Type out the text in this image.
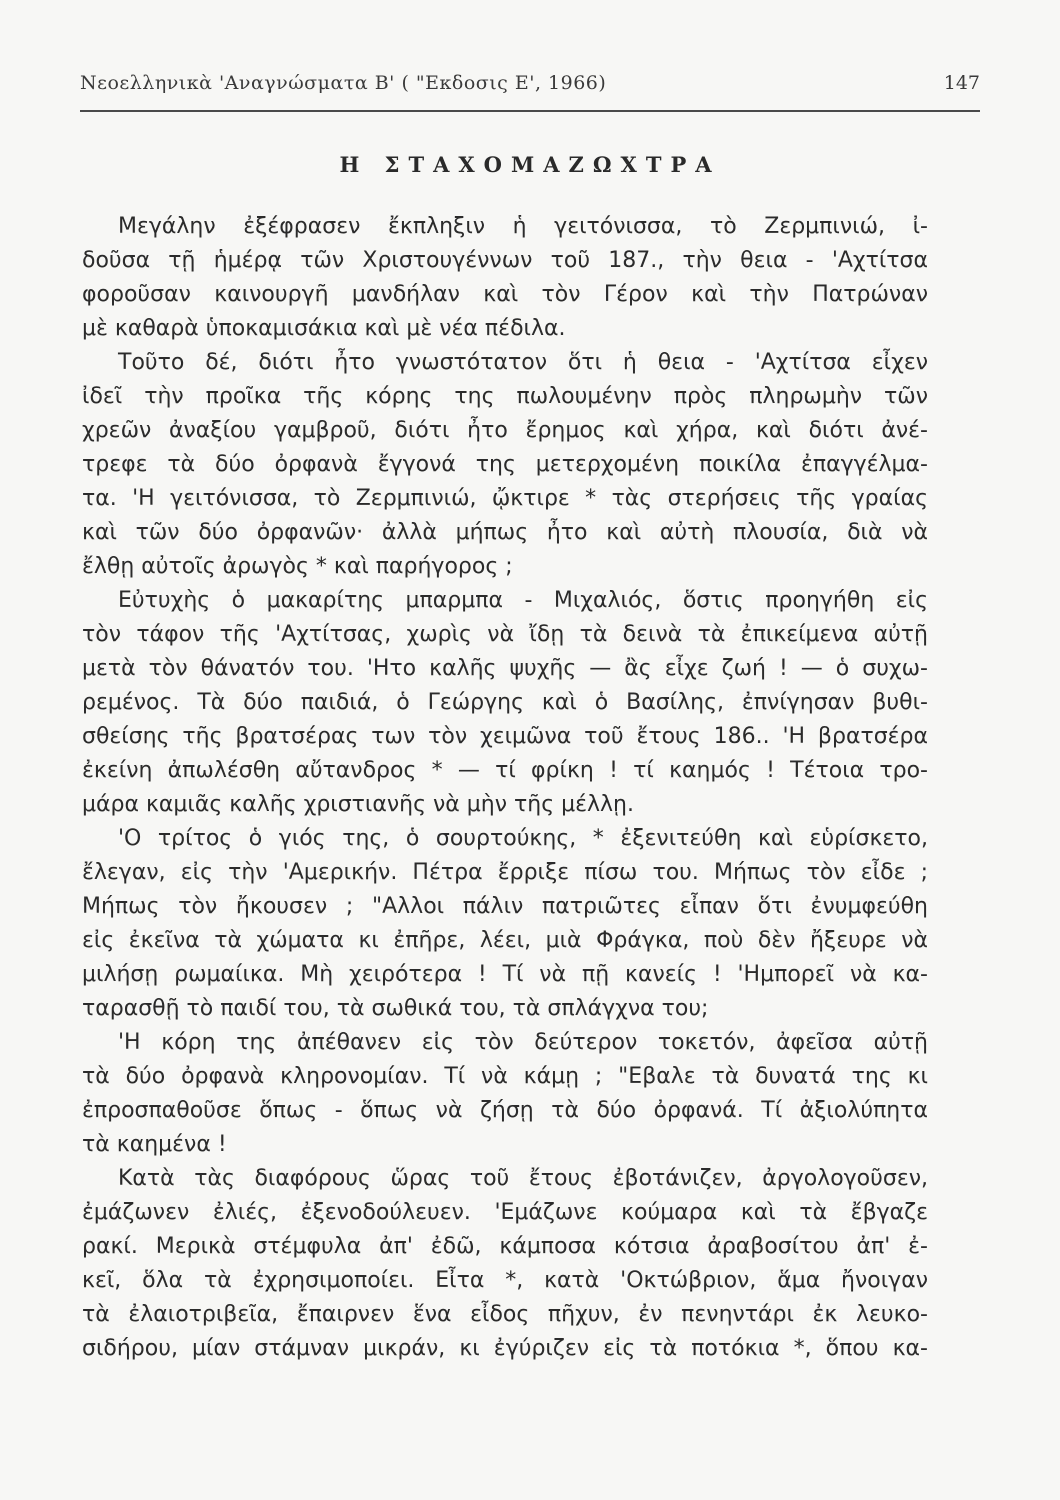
Νεοελληνικὰ 'Αναγνώσματα Β' ( "Εκδοσις Ε', 1966)	147
Η ΣΤΑΧΟΜΑΖΩΧΤΡΑ

Μεγάλην ἐξέφρασεν ἔκπληξιν ἡ γειτόνισσα, τὸ Ζερμπινιώ, ἰ-

δοῦσα τῇ ἡμέρᾳ τῶν Χριστουγέννων τοῦ 187., τὴν θεια - 'Αχτίτσα

φοροῦσαν καινουργῆ μανδήλαν καὶ τὸν Γέρον καὶ τὴν Πατρώναν

μὲ καθαρὰ ὑποκαμισάκια καὶ μὲ νέα πέδιλα.

Τοῦτο δέ, διότι ἦτο γνωστότατον ὅτι ἡ θεια - 'Αχτίτσα εἶχεν

ἰδεῖ τὴν προῖκα τῆς κόρης της πωλουμένην πρὸς πληρωμὴν τῶν

χρεῶν ἀναξίου γαμβροῦ, διότι ἦτο ἔρημος καὶ χήρα, καὶ διότι ἀνέ-

τρεφε τὰ δύο ὀρφανὰ ἔγγονά της μετερχομένη ποικίλα ἐπαγγέλμα-

τα. 'Η γειτόνισσα, τὸ Ζερμπινιώ, ᾤκτιρε * τὰς στερήσεις τῆς γραίας

καὶ τῶν δύο ὀρφανῶν· ἀλλὰ μήπως ἦτο καὶ αὐτὴ πλουσία, διὰ νὰ

ἔλθῃ αὐτοῖς ἀρωγὸς * καὶ παρήγορος ;

Εὐτυχὴς ὁ μακαρίτης μπαρμπα - Μιχαλιός, ὅστις προηγήθη εἰς

τὸν τάφον τῆς 'Αχτίτσας, χωρὶς νὰ ἴδῃ τὰ δεινὰ τὰ ἐπικείμενα αὐτῇ

μετὰ τὸν θάνατόν του. 'Ητο καλῆς ψυχῆς — ἂς εἶχε ζωή ! — ὁ συχω-

ρεμένος. Τὰ δύο παιδιά, ὁ Γεώργης καὶ ὁ Βασίλης, ἐπνίγησαν βυθι-

σθείσης τῆς βρατσέρας των τὸν χειμῶνα τοῦ ἔτους 186.. 'Η βρατσέρα

ἐκείνη ἀπωλέσθη αὔτανδρος * — τί φρίκη ! τί καημός ! Τέτοια τρο-

μάρα καμιᾶς καλῆς χριστιανῆς νὰ μὴν τῆς μέλλῃ.

'Ο τρίτος ὁ γιός της, ὁ σουρτούκης, * ἐξενιτεύθη καὶ εὑρίσκετο,

ἔλεγαν, εἰς τὴν 'Αμερικήν. Πέτρα ἔρριξε πίσω του. Μήπως τὸν εἶδε ;

Μήπως τὸν ἤκουσεν ; "Αλλοι πάλιν πατριῶτες εἶπαν ὅτι ἐνυμφεύθη

εἰς ἐκεῖνα τὰ χώματα κι ἐπῆρε, λέει, μιὰ Φράγκα, ποὺ δὲν ἤξευρε νὰ

μιλήσῃ ρωμαίικα. Μὴ χειρότερα ! Τί νὰ πῇ κανείς ! 'Ημπορεῖ νὰ κα-

ταρασθῇ τὸ παιδί του, τὰ σωθικά του, τὰ σπλάγχνα του;

'Η κόρη της ἀπέθανεν εἰς τὸν δεύτερον τοκετόν, ἀφεῖσα αὐτῇ

τὰ δύο ὀρφανὰ κληρονομίαν. Τί νὰ κάμῃ ; "Εβαλε τὰ δυνατά της κι

ἐπροσπαθοῦσε ὅπως - ὅπως νὰ ζήσῃ τὰ δύο ὀρφανά. Τί ἀξιολύπητα

τὰ καημένα !

Κατὰ τὰς διαφόρους ὥρας τοῦ ἔτους ἐβοτάνιζεν, ἀργολογοῦσεν,

ἐμάζωνεν ἐλιές, ἐξενοδούλευεν. 'Εμάζωνε κούμαρα καὶ τὰ ἔβγαζε

ρακί. Μερικὰ στέμφυλα ἀπ' ἐδῶ, κάμποσα κότσια ἀραβοσίτου ἀπ' ἐ-

κεῖ, ὅλα τὰ ἐχρησιμοποίει. Εἶτα *, κατὰ 'Οκτώβριον, ἅμα ἤνοιγαν

τὰ ἐλαιοτριβεῖα, ἔπαιρνεν ἕνα εἶδος πῆχυν, ἐν πενηντάρι ἐκ λευκο-

σιδήρου, μίαν στάμναν μικράν, κι ἐγύριζεν εἰς τὰ ποτόκια *, ὅπου κα-
